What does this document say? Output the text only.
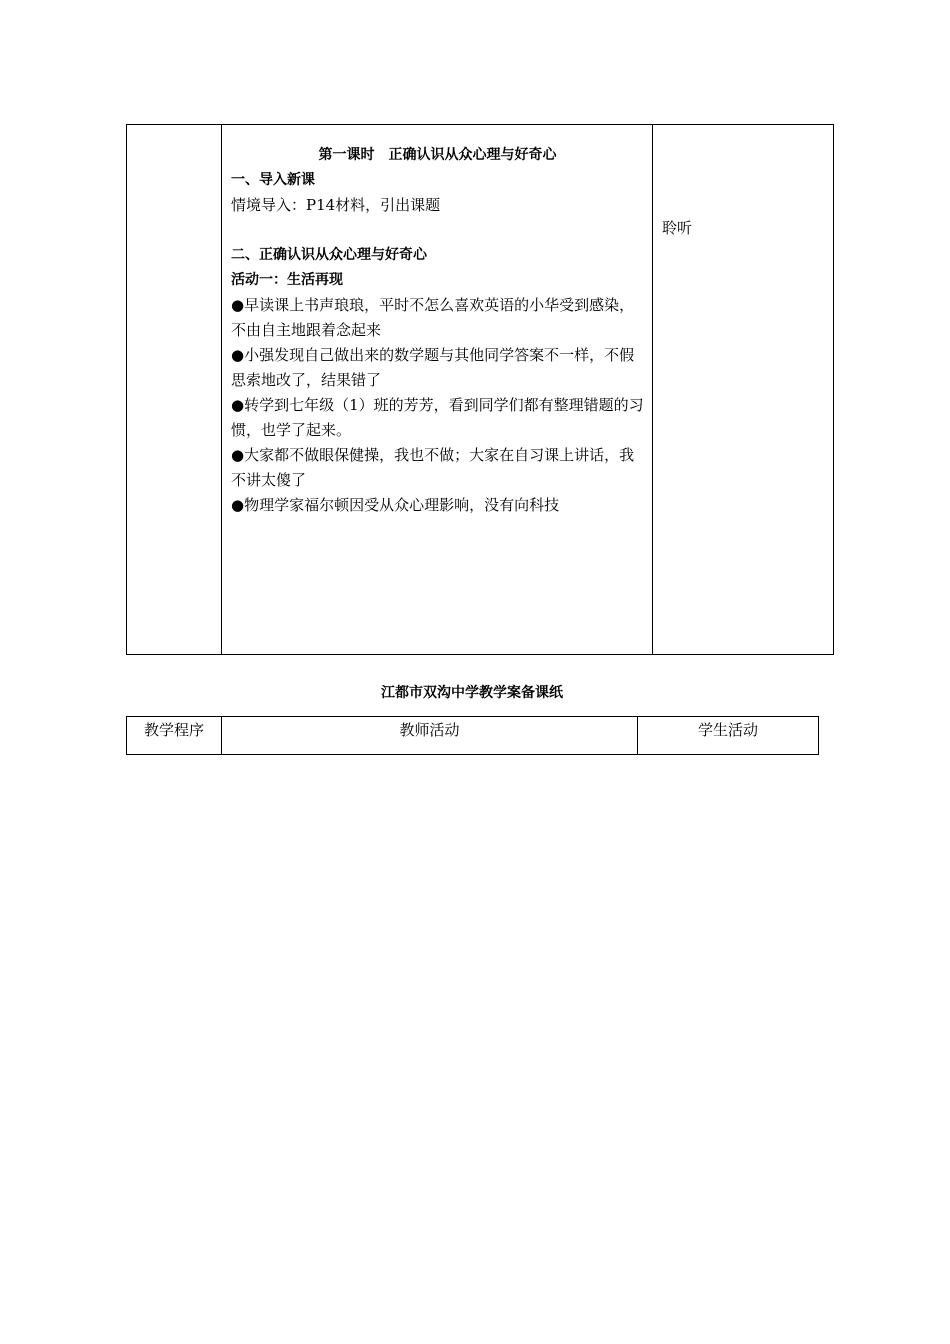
第一课时　正确认识从众心理与好奇心
一、导入新课
情境导入：P14材料，引出课题
二、正确认识从众心理与好奇心
活动一：生活再现
●早读课上书声琅琅，平时不怎么喜欢英语的小华受到感染，不由自主地跟着念起来
●小强发现自己做出来的数学题与其他同学答案不一样，不假思索地改了，结果错了
●转学到七年级（1）班的芳芳，看到同学们都有整理错题的习惯，也学了起来。
●大家都不做眼保健操，我也不做；大家在自习课上讲话，我不讲太傻了
●物理学家福尔顿因受从众心理影响，没有向科技
聆听
江都市双沟中学教学案备课纸
教学程序	教师活动	学生活动
